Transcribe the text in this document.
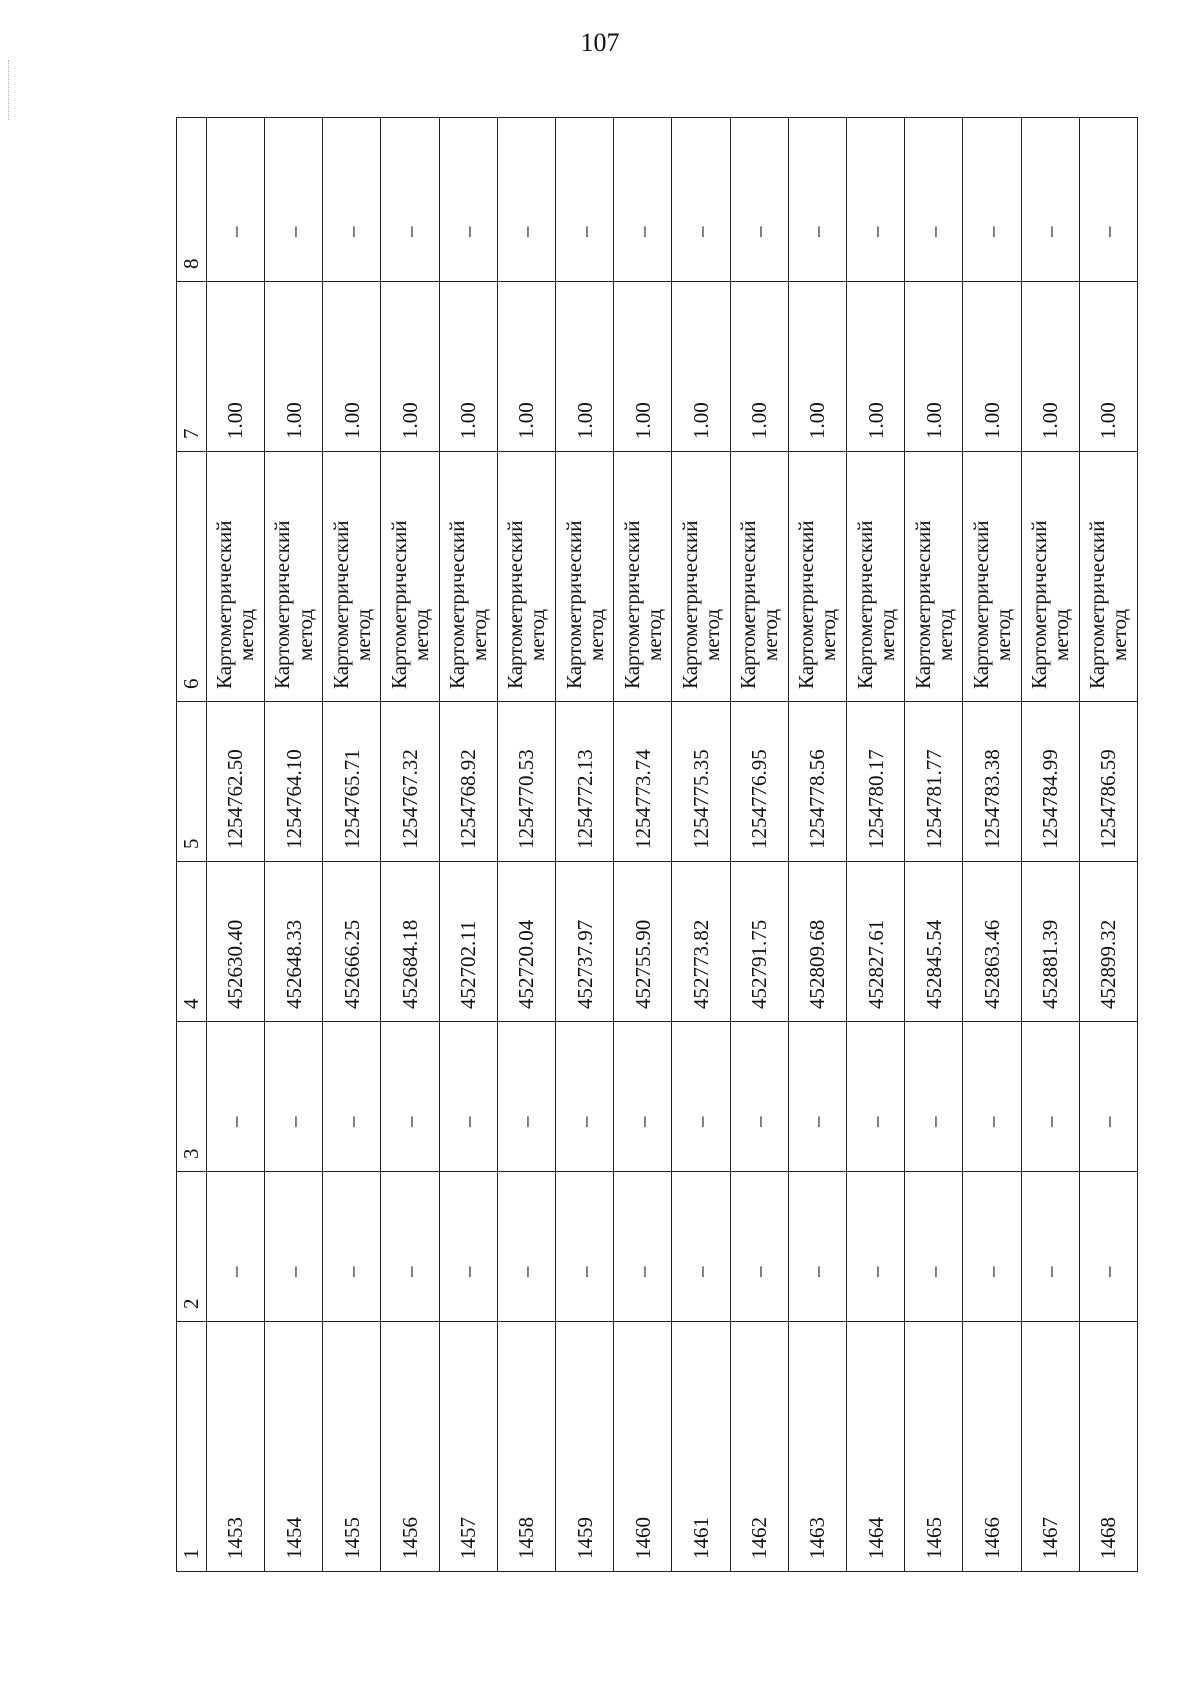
107
1	2	3	4	5	6	7	8
1453	–	–	452630.40	1254762.50	Картометрический
метод	1.00	–
1454	–	–	452648.33	1254764.10	Картометрический
метод	1.00	–
1455	–	–	452666.25	1254765.71	Картометрический
метод	1.00	–
1456	–	–	452684.18	1254767.32	Картометрический
метод	1.00	–
1457	–	–	452702.11	1254768.92	Картометрический
метод	1.00	–
1458	–	–	452720.04	1254770.53	Картометрический
метод	1.00	–
1459	–	–	452737.97	1254772.13	Картометрический
метод	1.00	–
1460	–	–	452755.90	1254773.74	Картометрический
метод	1.00	–
1461	–	–	452773.82	1254775.35	Картометрический
метод	1.00	–
1462	–	–	452791.75	1254776.95	Картометрический
метод	1.00	–
1463	–	–	452809.68	1254778.56	Картометрический
метод	1.00	–
1464	–	–	452827.61	1254780.17	Картометрический
метод	1.00	–
1465	–	–	452845.54	1254781.77	Картометрический
метод	1.00	–
1466	–	–	452863.46	1254783.38	Картометрический
метод	1.00	–
1467	–	–	452881.39	1254784.99	Картометрический
метод	1.00	–
1468	–	–	452899.32	1254786.59	Картометрический
метод	1.00	–
